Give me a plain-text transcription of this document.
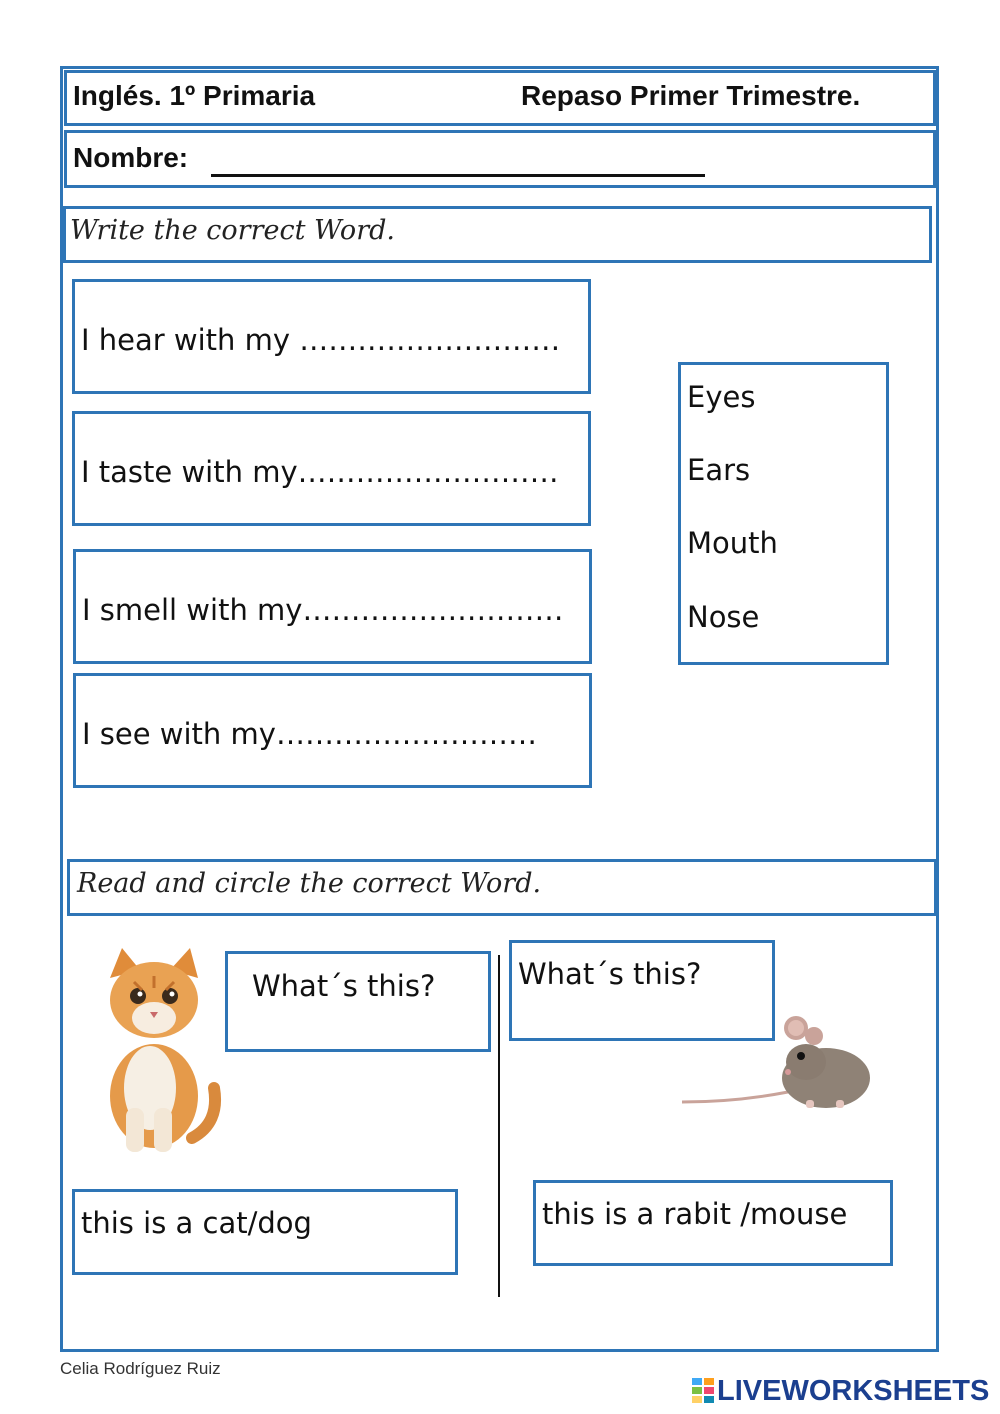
Inglés. 1º Primaria	Repaso Primer Trimestre.
Nombre:
Write the correct Word.
I hear with my ………………………
I taste with my………………………
I smell with my………………………
I see with my………………………
Eyes
Ears
Mouth
Nose
Read and circle the correct Word.
What´s this?	What´s this?
this is a cat/dog	this is a rabit /mouse
Celia Rodríguez Ruiz
LIVEWORKSHEETS
